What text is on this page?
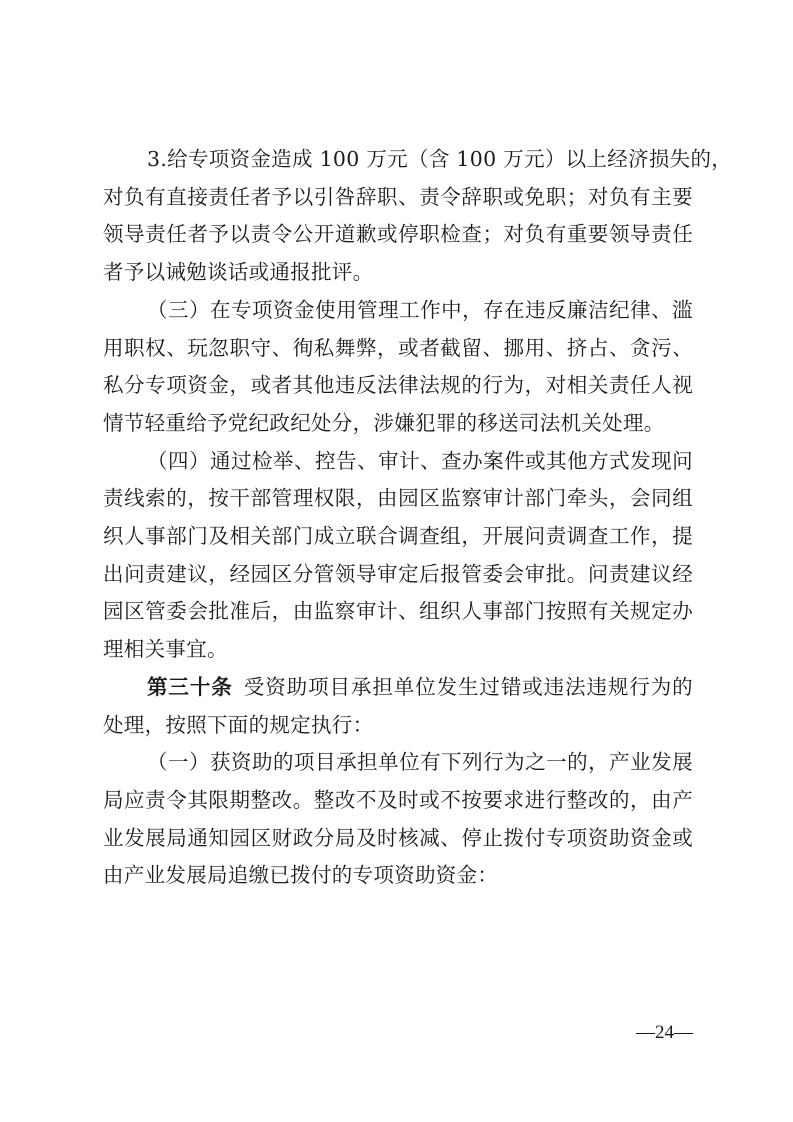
3.给专项资金造成 100 万元（含 100 万元）以上经济损失的，
对负有直接责任者予以引咎辞职、责令辞职或免职；对负有主要
领导责任者予以责令公开道歉或停职检查；对负有重要领导责任
者予以诫勉谈话或通报批评。

（三）在专项资金使用管理工作中，存在违反廉洁纪律、滥
用职权、玩忽职守、徇私舞弊，或者截留、挪用、挤占、贪污、
私分专项资金，或者其他违反法律法规的行为，对相关责任人视
情节轻重给予党纪政纪处分，涉嫌犯罪的移送司法机关处理。

（四）通过检举、控告、审计、查办案件或其他方式发现问
责线索的，按干部管理权限，由园区监察审计部门牵头，会同组
织人事部门及相关部门成立联合调查组，开展问责调查工作，提
出问责建议，经园区分管领导审定后报管委会审批。问责建议经
园区管委会批准后，由监察审计、组织人事部门按照有关规定办
理相关事宜。

第三十条  受资助项目承担单位发生过错或违法违规行为的
处理，按照下面的规定执行：

（一）获资助的项目承担单位有下列行为之一的，产业发展
局应责令其限期整改。整改不及时或不按要求进行整改的，由产
业发展局通知园区财政分局及时核减、停止拨付专项资助资金或
由产业发展局追缴已拨付的专项资助资金：

—24—
